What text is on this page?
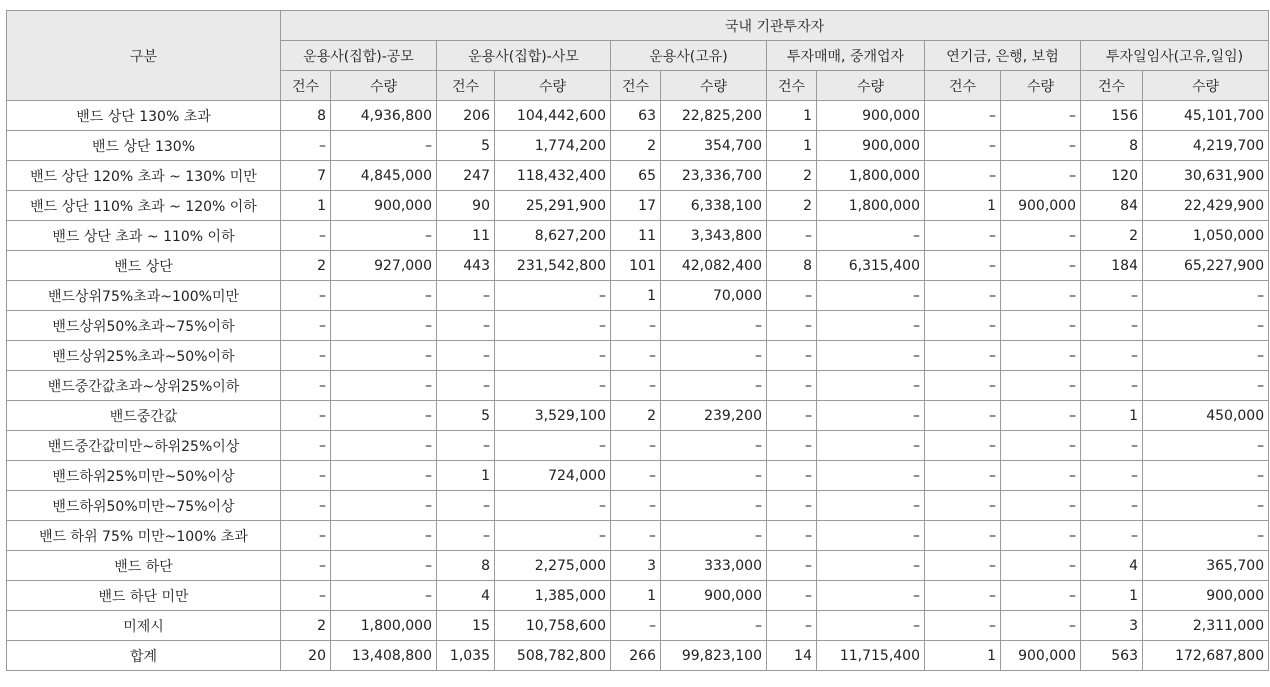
구분	국내 기관투자자											
	운용사(집합)-공모		운용사(집합)-사모		운용사(고유)		투자매매, 중개업자		연기금, 은행, 보험		투자일임사(고유,일임)	
	건수	수량	건수	수량	건수	수량	건수	수량	건수	수량	건수	수량
밴드 상단 130% 초과	8	4,936,800	206	104,442,600	63	22,825,200	1	900,000	–	–	156	45,101,700
밴드 상단 130%	–	–	5	1,774,200	2	354,700	1	900,000	–	–	8	4,219,700
밴드 상단 120% 초과 ~ 130% 미만	7	4,845,000	247	118,432,400	65	23,336,700	2	1,800,000	–	–	120	30,631,900
밴드 상단 110% 초과 ~ 120% 이하	1	900,000	90	25,291,900	17	6,338,100	2	1,800,000	1	900,000	84	22,429,900
밴드 상단 초과 ~ 110% 이하	–	–	11	8,627,200	11	3,343,800	–	–	–	–	2	1,050,000
밴드 상단	2	927,000	443	231,542,800	101	42,082,400	8	6,315,400	–	–	184	65,227,900
밴드상위75%초과~100%미만	–	–	–	–	1	70,000	–	–	–	–	–	–
밴드상위50%초과~75%이하	–	–	–	–	–	–	–	–	–	–	–	–
밴드상위25%초과~50%이하	–	–	–	–	–	–	–	–	–	–	–	–
밴드중간값초과~상위25%이하	–	–	–	–	–	–	–	–	–	–	–	–
밴드중간값	–	–	5	3,529,100	2	239,200	–	–	–	–	1	450,000
밴드중간값미만~하위25%이상	–	–	–	–	–	–	–	–	–	–	–	–
밴드하위25%미만~50%이상	–	–	1	724,000	–	–	–	–	–	–	–	–
밴드하위50%미만~75%이상	–	–	–	–	–	–	–	–	–	–	–	–
밴드 하위 75% 미만~100% 초과	–	–	–	–	–	–	–	–	–	–	–	–
밴드 하단	–	–	8	2,275,000	3	333,000	–	–	–	–	4	365,700
밴드 하단 미만	–	–	4	1,385,000	1	900,000	–	–	–	–	1	900,000
미제시	2	1,800,000	15	10,758,600	–	–	–	–	–	–	3	2,311,000
합계	20	13,408,800	1,035	508,782,800	266	99,823,100	14	11,715,400	1	900,000	563	172,687,800
